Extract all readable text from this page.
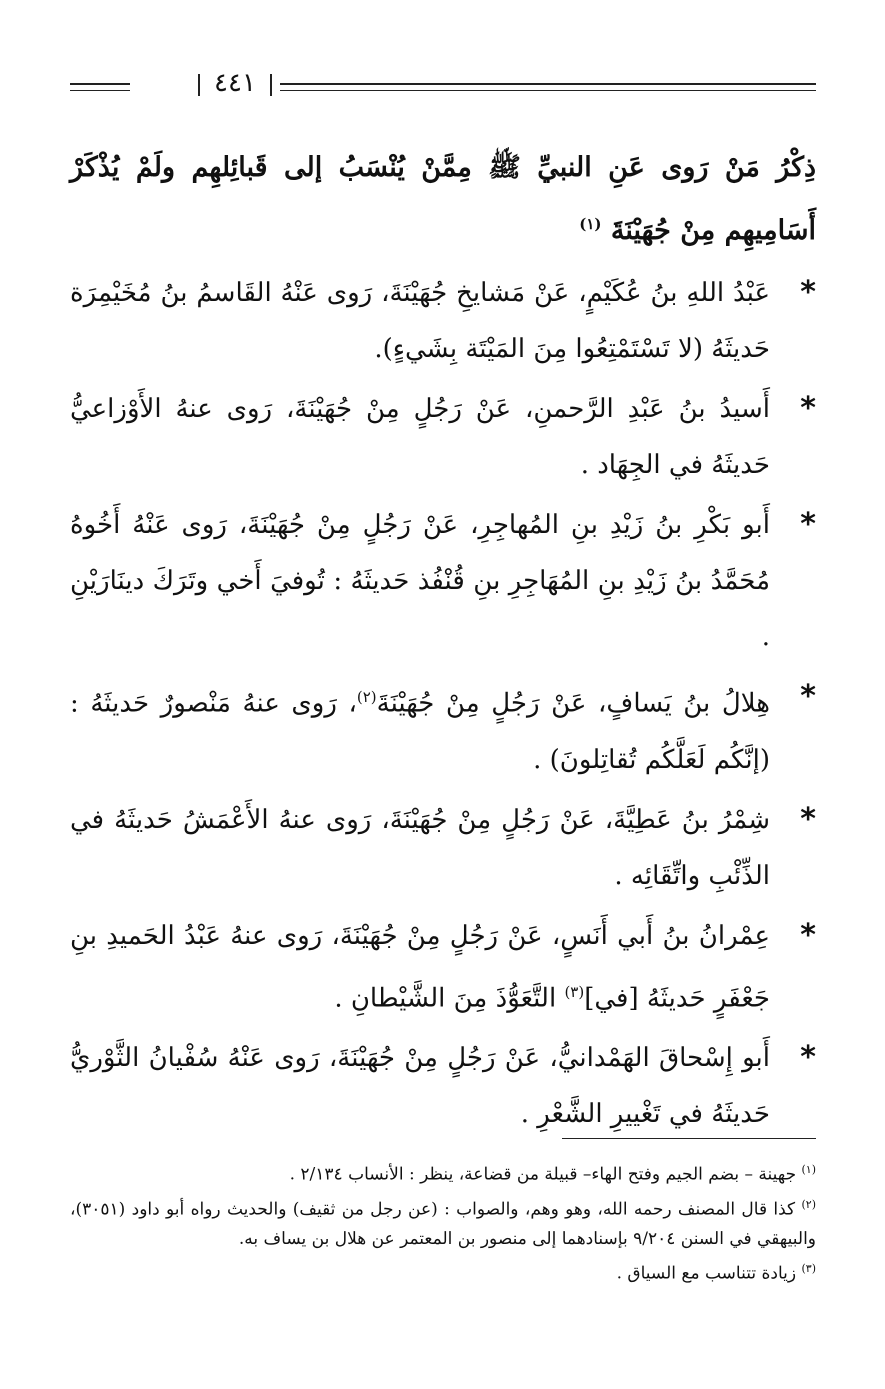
٤٤١

ذِكْرُ مَنْ رَوى عَنِ النبيِّ ﷺ مِمَّنْ يُنْسَبُ إلى قَبائِلهِم ولَمْ يُذْكَرْ أَسَامِيهِم مِنْ جُهَيْنَةَ $^{(١)}$

*
عَبْدُ اللهِ بنُ عُكَيْمٍ، عَنْ مَشايخِ جُهَيْنَةَ، رَوى عَنْهُ القَاسمُ بنُ مُخَيْمِرَة حَديثَهُ (لا تَسْتَمْتِعُوا مِنَ المَيْتَة بِشَيءٍ).
*
أَسيدُ بنُ عَبْدِ الرَّحمنِ، عَنْ رَجُلٍ مِنْ جُهَيْنَةَ، رَوى عنهُ الأَوْزاعيُّ حَديثَهُ في الجِهَاد .
*
أَبو بَكْرِ بنُ زَيْدِ بنِ المُهاجِرِ، عَنْ رَجُلٍ مِنْ جُهَيْنَةَ، رَوى عَنْهُ أَخُوهُ مُحَمَّدُ بنُ زَيْدِ بنِ المُهَاجِرِ بنِ قُنْفُذ حَديثَهُ : تُوفيَ أَخي وتَرَكَ دينَارَيْنِ .
*
هِلالُ بنُ يَسافٍ، عَنْ رَجُلٍ مِنْ جُهَيْنَةَ$^{(٢)}$، رَوى عنهُ مَنْصورٌ حَديثَهُ : (إنَّكُم لَعَلَّكُم تُقاتِلونَ) .
*
شِمْرُ بنُ عَطِيَّةَ، عَنْ رَجُلٍ مِنْ جُهَيْنَةَ، رَوى عنهُ الأَعْمَشُ حَديثَهُ في الذِّئْبِ واتِّقَائِه .
*
عِمْرانُ بنُ أَبي أَنَسٍ، عَنْ رَجُلٍ مِنْ جُهَيْنَةَ، رَوى عنهُ عَبْدُ الحَميدِ بنِ جَعْفَرٍ حَديثَهُ [في]$^{(٣)}$ التَّعَوُّذَ مِنَ الشَّيْطانِ .
*
أَبو إِسْحاقَ الهَمْدانيُّ، عَنْ رَجُلٍ مِنْ جُهَيْنَةَ، رَوى عَنْهُ سُفْيانُ الثَّوْريُّ حَديثَهُ في تَغْييرِ الشَّعْرِ .

$^{(١)}$ جهينة – بضم الجيم وفتح الهاء– قبيلة من قضاعة، ينظر : الأنساب ٢/١٣٤ .

$^{(٢)}$ كذا قال المصنف رحمه الله، وهو وهم، والصواب : (عن رجل من ثقيف) والحديث رواه أبو داود (٣٠٥١)، والبيهقي في السنن ٩/٢٠٤ بإسنادهما إلى منصور بن المعتمر عن هلال بن يساف به.

$^{(٣)}$ زيادة تتناسب مع السياق .
